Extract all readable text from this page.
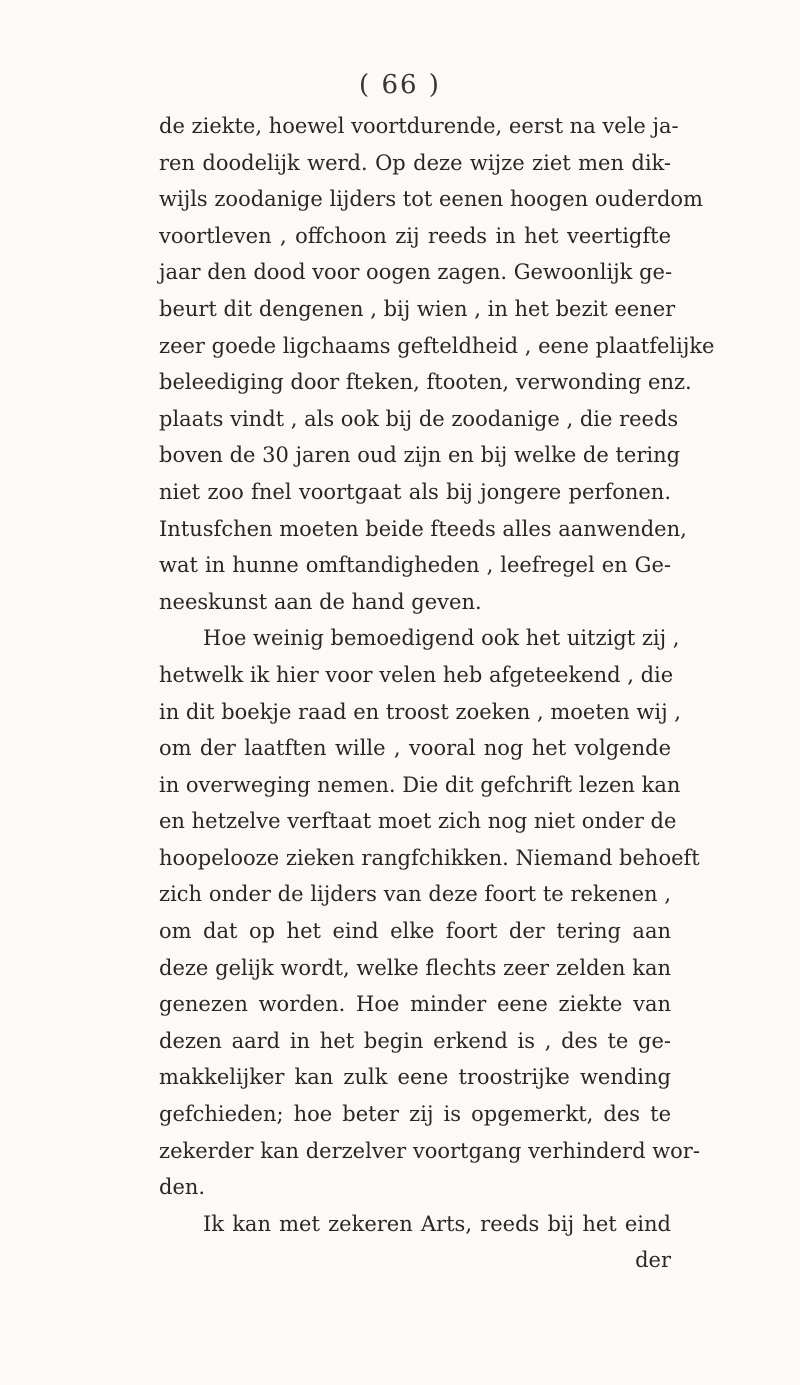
( 66 )
de ziekte, hoewel voortdurende, eerst na vele ja-
ren doodelijk werd. Op deze wijze ziet men dik-
wijls zoodanige lijders tot eenen hoogen ouderdom
voortleven , offchoon zij reeds in het veertigfte
jaar den dood voor oogen zagen. Gewoonlijk ge-
beurt dit dengenen , bij wien , in het bezit eener
zeer goede ligchaams gefteldheid , eene plaatfelijke
beleediging door fteken, ftooten, verwonding enz.
plaats vindt , als ook bij de zoodanige , die reeds
boven de 30 jaren oud zijn en bij welke de tering
niet zoo fnel voortgaat als bij jongere perfonen.
Intusfchen moeten beide fteeds alles aanwenden,
wat in hunne omftandigheden , leefregel en Ge-
neeskunst aan de hand geven.
Hoe weinig bemoedigend ook het uitzigt zij ,
hetwelk ik hier voor velen heb afgeteekend , die
in dit boekje raad en troost zoeken , moeten wij ,
om der laatften wille , vooral nog het volgende
in overweging nemen. Die dit gefchrift lezen kan
en hetzelve verftaat moet zich nog niet onder de
hoopelooze zieken rangfchikken. Niemand behoeft
zich onder de lijders van deze foort te rekenen ,
om dat op het eind elke foort der tering aan
deze gelijk wordt, welke flechts zeer zelden kan
genezen worden. Hoe minder eene ziekte van
dezen aard in het begin erkend is , des te ge-
makkelijker kan zulk eene troostrijke wending
gefchieden; hoe beter zij is opgemerkt, des te
zekerder kan derzelver voortgang verhinderd wor-
den.
Ik kan met zekeren Arts, reeds bij het eind
der
